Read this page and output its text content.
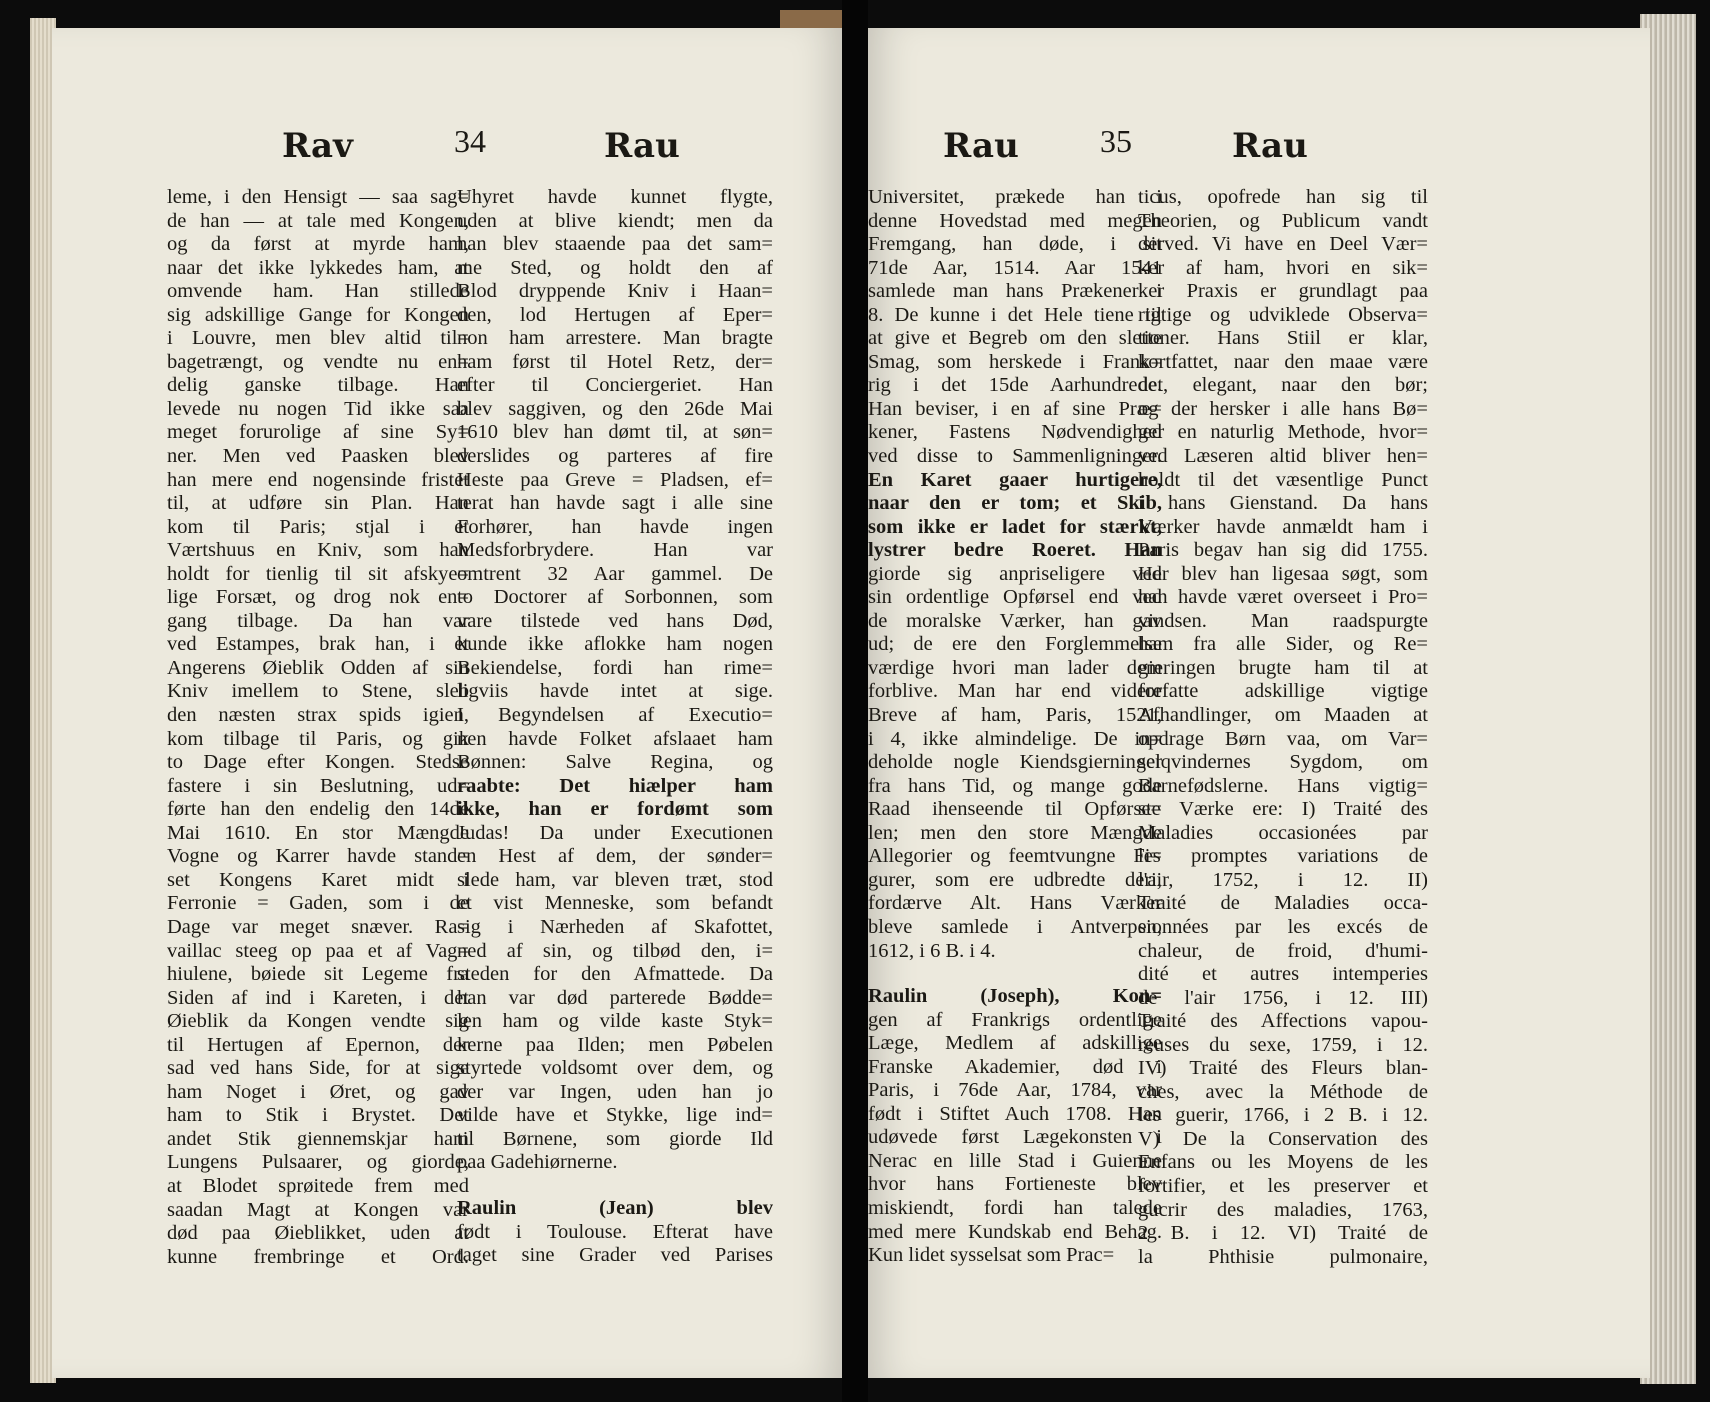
Rav	34	Rau

leme, i den Hensigt — saa sag=

de han — at tale med Kongen,

og da først at myrde ham,

naar det ikke lykkedes ham, at

omvende ham. Han stillede

sig adskillige Gange for Kongen

i Louvre, men blev altid til=

bagetrængt, og vendte nu en=

delig ganske tilbage. Han

levede nu nogen Tid ikke saa

meget forurolige af sine Sy=

ner. Men ved Paasken blev

han mere end nogensinde fristet

til, at udføre sin Plan. Han

kom til Paris; stjal i et

Værtshuus en Kniv, som han

holdt for tienlig til sit afskye=

lige Forsæt, og drog nok en=

gang tilbage. Da han var

ved Estampes, brak han, i et

Angerens Øieblik Odden af sin

Kniv imellem to Stene, sleb

den næsten strax spids igien,

kom tilbage til Paris, og gik

to Dage efter Kongen. Stedse

fastere i sin Beslutning, ud=

førte han den endelig den 14de

Mai 1610. En stor Mængde

Vogne og Karrer havde stand=

set Kongens Karet midt i

Ferronie = Gaden, som i de

Dage var meget snæver. Ra=

vaillac steeg op paa et af Vag=

hiulene, bøiede sit Legeme fra

Siden af ind i Kareten, i det

Øieblik da Kongen vendte sig

til Hertugen af Epernon, der

sad ved hans Side, for at sige

ham Noget i Øret, og gav

ham to Stik i Brystet. Det

andet Stik giennemskjar ham

Lungens Pulsaarer, og giorde,

at Blodet sprøitede frem med

saadan Magt at Kongen var

død paa Øieblikket, uden at

kunne frembringe et Ord.

Uhyret havde kunnet flygte,

uden at blive kiendt; men da

han blev staaende paa det sam=

me Sted, og holdt den af

Blod dryppende Kniv i Haan=

den, lod Hertugen af Eper=

non ham arrestere. Man bragte

ham først til Hotel Retz, der=

efter til Conciergeriet. Han

blev saggiven, og den 26de Mai

1610 blev han dømt til, at søn=

derslides og parteres af fire

Heste paa Greve = Pladsen, ef=

terat han havde sagt i alle sine

Forhører, han havde ingen

Medsforbrydere. Han var

omtrent 32 Aar gammel. De

to Doctorer af Sorbonnen, som

vare tilstede ved hans Død,

kunde ikke aflokke ham nogen

Bekiendelse, fordi han rime=

ligviis havde intet at sige.

I Begyndelsen af Executio=

nen havde Folket afslaaet ham

Bønnen: Salve Regina, og

raabte: Det hiælper ham

ikke, han er fordømt som

Judas! Da under Executionen

en Hest af dem, der sønder=

slede ham, var bleven træt, stod

et vist Menneske, som befandt

sig i Nærheden af Skafottet,

ned af sin, og tilbød den, i=

steden for den Afmattede. Da

han var død parterede Bødde=

len ham og vilde kaste Styk=

kerne paa Ilden; men Pøbelen

styrtede voldsomt over dem, og

der var Ingen, uden han jo

vilde have et Stykke, lige ind=

til Børnene, som giorde Ild

paa Gadehiørnerne.

Raulin (Jean) blev

født i Toulouse. Efterat have

taget sine Grader ved Parises

Rau	35	Rau

Universitet, prækede han i

denne Hovedstad med megen

Fremgang, han døde, i sit

71de Aar, 1514. Aar 1541

samlede man hans Prækener i

8. De kunne i det Hele tiene til

at give et Begreb om den slette

Smag, som herskede i Frank=

rig i det 15de Aarhundrede.

Han beviser, i en af sine Præ=

kener, Fastens Nødvendighed

ved disse to Sammenligninger.

En Karet gaaer hurtigere,

naar den er tom; et Skib,

som ikke er ladet for stærkt,

lystrer bedre Roeret. Han

giorde sig anpriseligere ved

sin ordentlige Opførsel end ved

de moralske Værker, han gav

ud; de ere den Forglemmelse

værdige hvori man lader dem

forblive. Man har end videre

Breve af ham, Paris, 1521,

i 4, ikke almindelige. De in=

deholde nogle Kiendsgierninger

fra hans Tid, og mange gode

Raad ihenseende til Opførse=

len; men den store Mængde

Allegorier og feemtvungne Fi=

gurer, som ere udbredte deri,

fordærve Alt. Hans Værker

bleve samlede i Antverpen,

1612, i 6 B. i 4.

Raulin (Joseph), Kon=

gen af Frankrigs ordentlige

Læge, Medlem af adskillige

Franske Akademier, død i

Paris, i 76de Aar, 1784, var

født i Stiftet Auch 1708. Han

udøvede først Lægekonsten i

Nerac en lille Stad i Guienne

hvor hans Fortieneste blev

miskiendt, fordi han talede

med mere Kundskab end Behag.

Kun lidet sysselsat som Prac=

ticus, opofrede han sig til

Theorien, og Publicum vandt

derved. Vi have en Deel Vær=

ker af ham, hvori en sik=

ker Praxis er grundlagt paa

rigtige og udviklede Observa=

tioner. Hans Stiil er klar,

kortfattet, naar den maae være

det, elegant, naar den bør;

og der hersker i alle hans Bø=

ger en naturlig Methode, hvor=

ved Læseren altid bliver hen=

holdt til det væsentlige Punct

i hans Gienstand. Da hans

Værker havde anmældt ham i

Paris begav han sig did 1755.

Her blev han ligesaa søgt, som

han havde været overseet i Pro=

vindsen. Man raadspurgte

ham fra alle Sider, og Re=

gieringen brugte ham til at

forfatte adskillige vigtige

Afhandlinger, om Maaden at

opdrage Børn vaa, om Var=

selqvindernes Sygdom, om

Barnefødslerne. Hans vigtig=

ste Værke ere: I) Traité des

Maladies occasionées par

les promptes variations de

l'air, 1752, i 12. II)

Traité de Maladies occa-

sionnées par les excés de

chaleur, de froid, d'humi-

dité et autres intemperies

de l'air 1756, i 12. III)

Traité des Affections vapou-

reuses du sexe, 1759, i 12.

IV) Traité des Fleurs blan-

ches, avec la Méthode de

les guerir, 1766, i 2 B. i 12.

V) De la Conservation des

Enfans ou les Moyens de les

fortifier, et les preserver et

gucrir des maladies, 1763,

2 B. i 12. VI) Traité de

la Phthisie pulmonaire,
